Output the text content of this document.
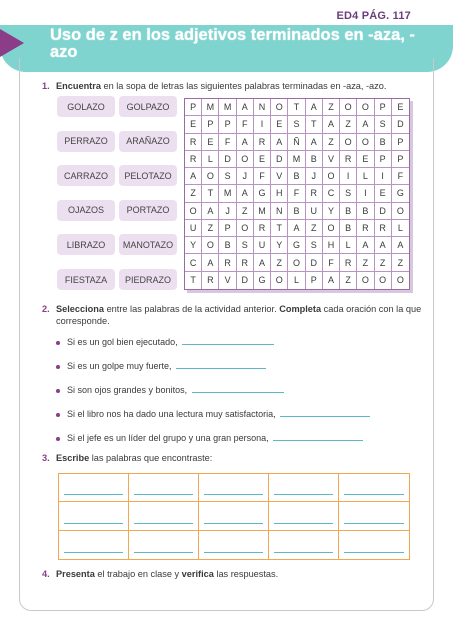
ED4 PÁG. 117
Uso de z en los adjetivos terminados en -aza, -azo
1. Encuentra en la sopa de letras las siguientes palabras terminadas en -aza, -azo.
GOLAZO	GOLPAZO
PERRAZO	ARAÑAZO
CARRAZO	PELOTAZO
OJAZOS	PORTAZO
LIBRAZO	MANOTAZO
FIESTAZA	PIEDRAZO
P	M	M	A	N	O	T	A	Z	O	O	P	E
E	P	P	F	I	E	S	T	A	Z	A	S	D
R	E	F	A	R	A	Ñ	A	Z	O	O	B	P
R	L	D	O	E	D	M	B	V	R	E	P	P
A	O	S	J	F	V	B	J	O	I	L	I	F
Z	T	M	A	G	H	F	R	C	S	I	E	G
O	A	J	Z	M	N	B	U	Y	B	B	D	O
U	Z	P	O	R	T	A	Z	O	B	R	R	L
Y	O	B	S	U	Y	G	S	H	L	A	A	A
C	A	R	R	A	Z	O	D	F	R	Z	Z	Z
T	R	V	D	G	O	L	P	A	Z	O	O	O
2. Selecciona entre las palabras de la actividad anterior. Completa cada oración con la que corresponde.
Si es un gol bien ejecutado,
Si es un golpe muy fuerte,
Si son ojos grandes y bonitos,
Si el libro nos ha dado una lectura muy satisfactoria,
Si el jefe es un líder del grupo y una gran persona,
3. Escribe las palabras que encontraste:
4. Presenta el trabajo en clase y verifica las respuestas.
